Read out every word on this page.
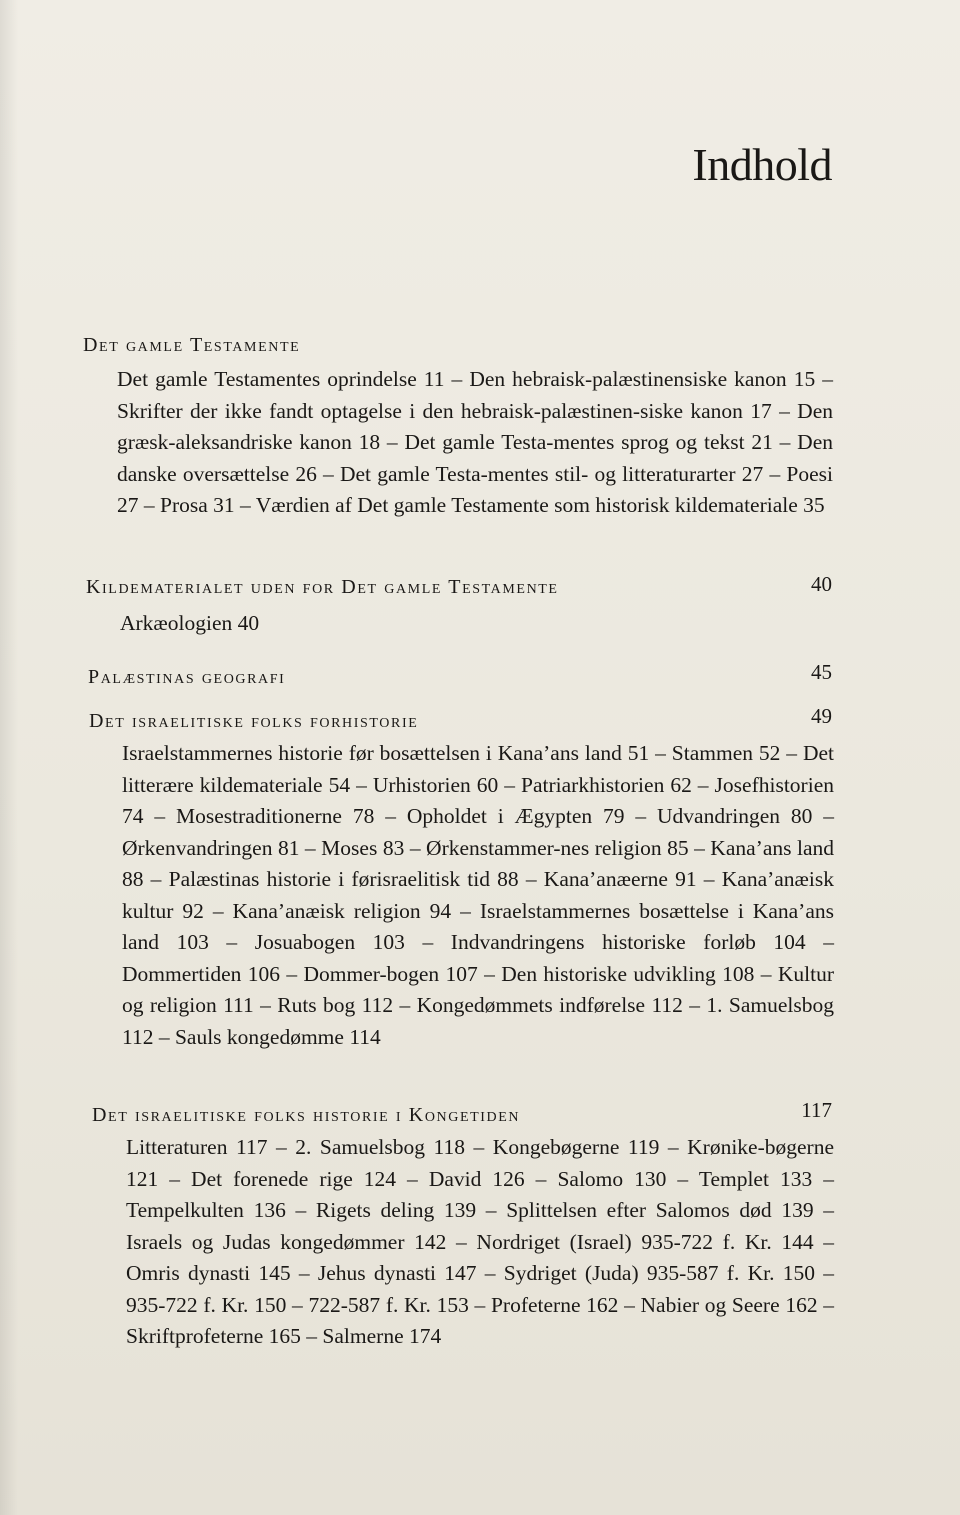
Indhold
Det gamle Testamente
Det gamle Testamentes oprindelse 11 – Den hebraisk-palæstinensiske kanon 15 – Skrifter der ikke fandt optagelse i den hebraisk-palæstinen-siske kanon 17 – Den græsk-aleksandriske kanon 18 – Det gamle Testa-mentes sprog og tekst 21 – Den danske oversættelse 26 – Det gamle Testa-mentes stil- og litteraturarter 27 – Poesi 27 – Prosa 31 – Værdien af Det gamle Testamente som historisk kildemateriale 35
Kildematerialet uden for Det gamle Testamente	40
Arkæologien 40
Palæstinas geografi	45
Det israelitiske folks forhistorie	49
Israelstammernes historie før bosættelsen i Kana’ans land 51 – Stammen 52 – Det litterære kildemateriale 54 – Urhistorien 60 – Patriarkhistorien 62 – Josefhistorien 74 – Mosestraditionerne 78 – Opholdet i Ægypten 79 – Udvandringen 80 – Ørkenvandringen 81 – Moses 83 – Ørkenstammer-nes religion 85 – Kana’ans land 88 – Palæstinas historie i førisraelitisk tid 88 – Kana’anæerne 91 – Kana’anæisk kultur 92 – Kana’anæisk religion 94 – Israelstammernes bosættelse i Kana’ans land 103 – Josuabogen 103 – Indvandringens historiske forløb 104 – Dommertiden 106 – Dommer-bogen 107 – Den historiske udvikling 108 – Kultur og religion 111 – Ruts bog 112 – Kongedømmets indførelse 112 – 1. Samuelsbog 112 – Sauls kongedømme 114
Det israelitiske folks historie i Kongetiden	117
Litteraturen 117 – 2. Samuelsbog 118 – Kongebøgerne 119 – Krønike-bøgerne 121 – Det forenede rige 124 – David 126 – Salomo 130 – Templet 133 – Tempelkulten 136 – Rigets deling 139 – Splittelsen efter Salomos død 139 – Israels og Judas kongedømmer 142 – Nordriget (Israel) 935-722 f. Kr. 144 – Omris dynasti 145 – Jehus dynasti 147 – Sydriget (Juda) 935-587 f. Kr. 150 – 935-722 f. Kr. 150 – 722-587 f. Kr. 153 – Profeterne 162 – Nabier og Seere 162 – Skriftprofeterne 165 – Salmerne 174
